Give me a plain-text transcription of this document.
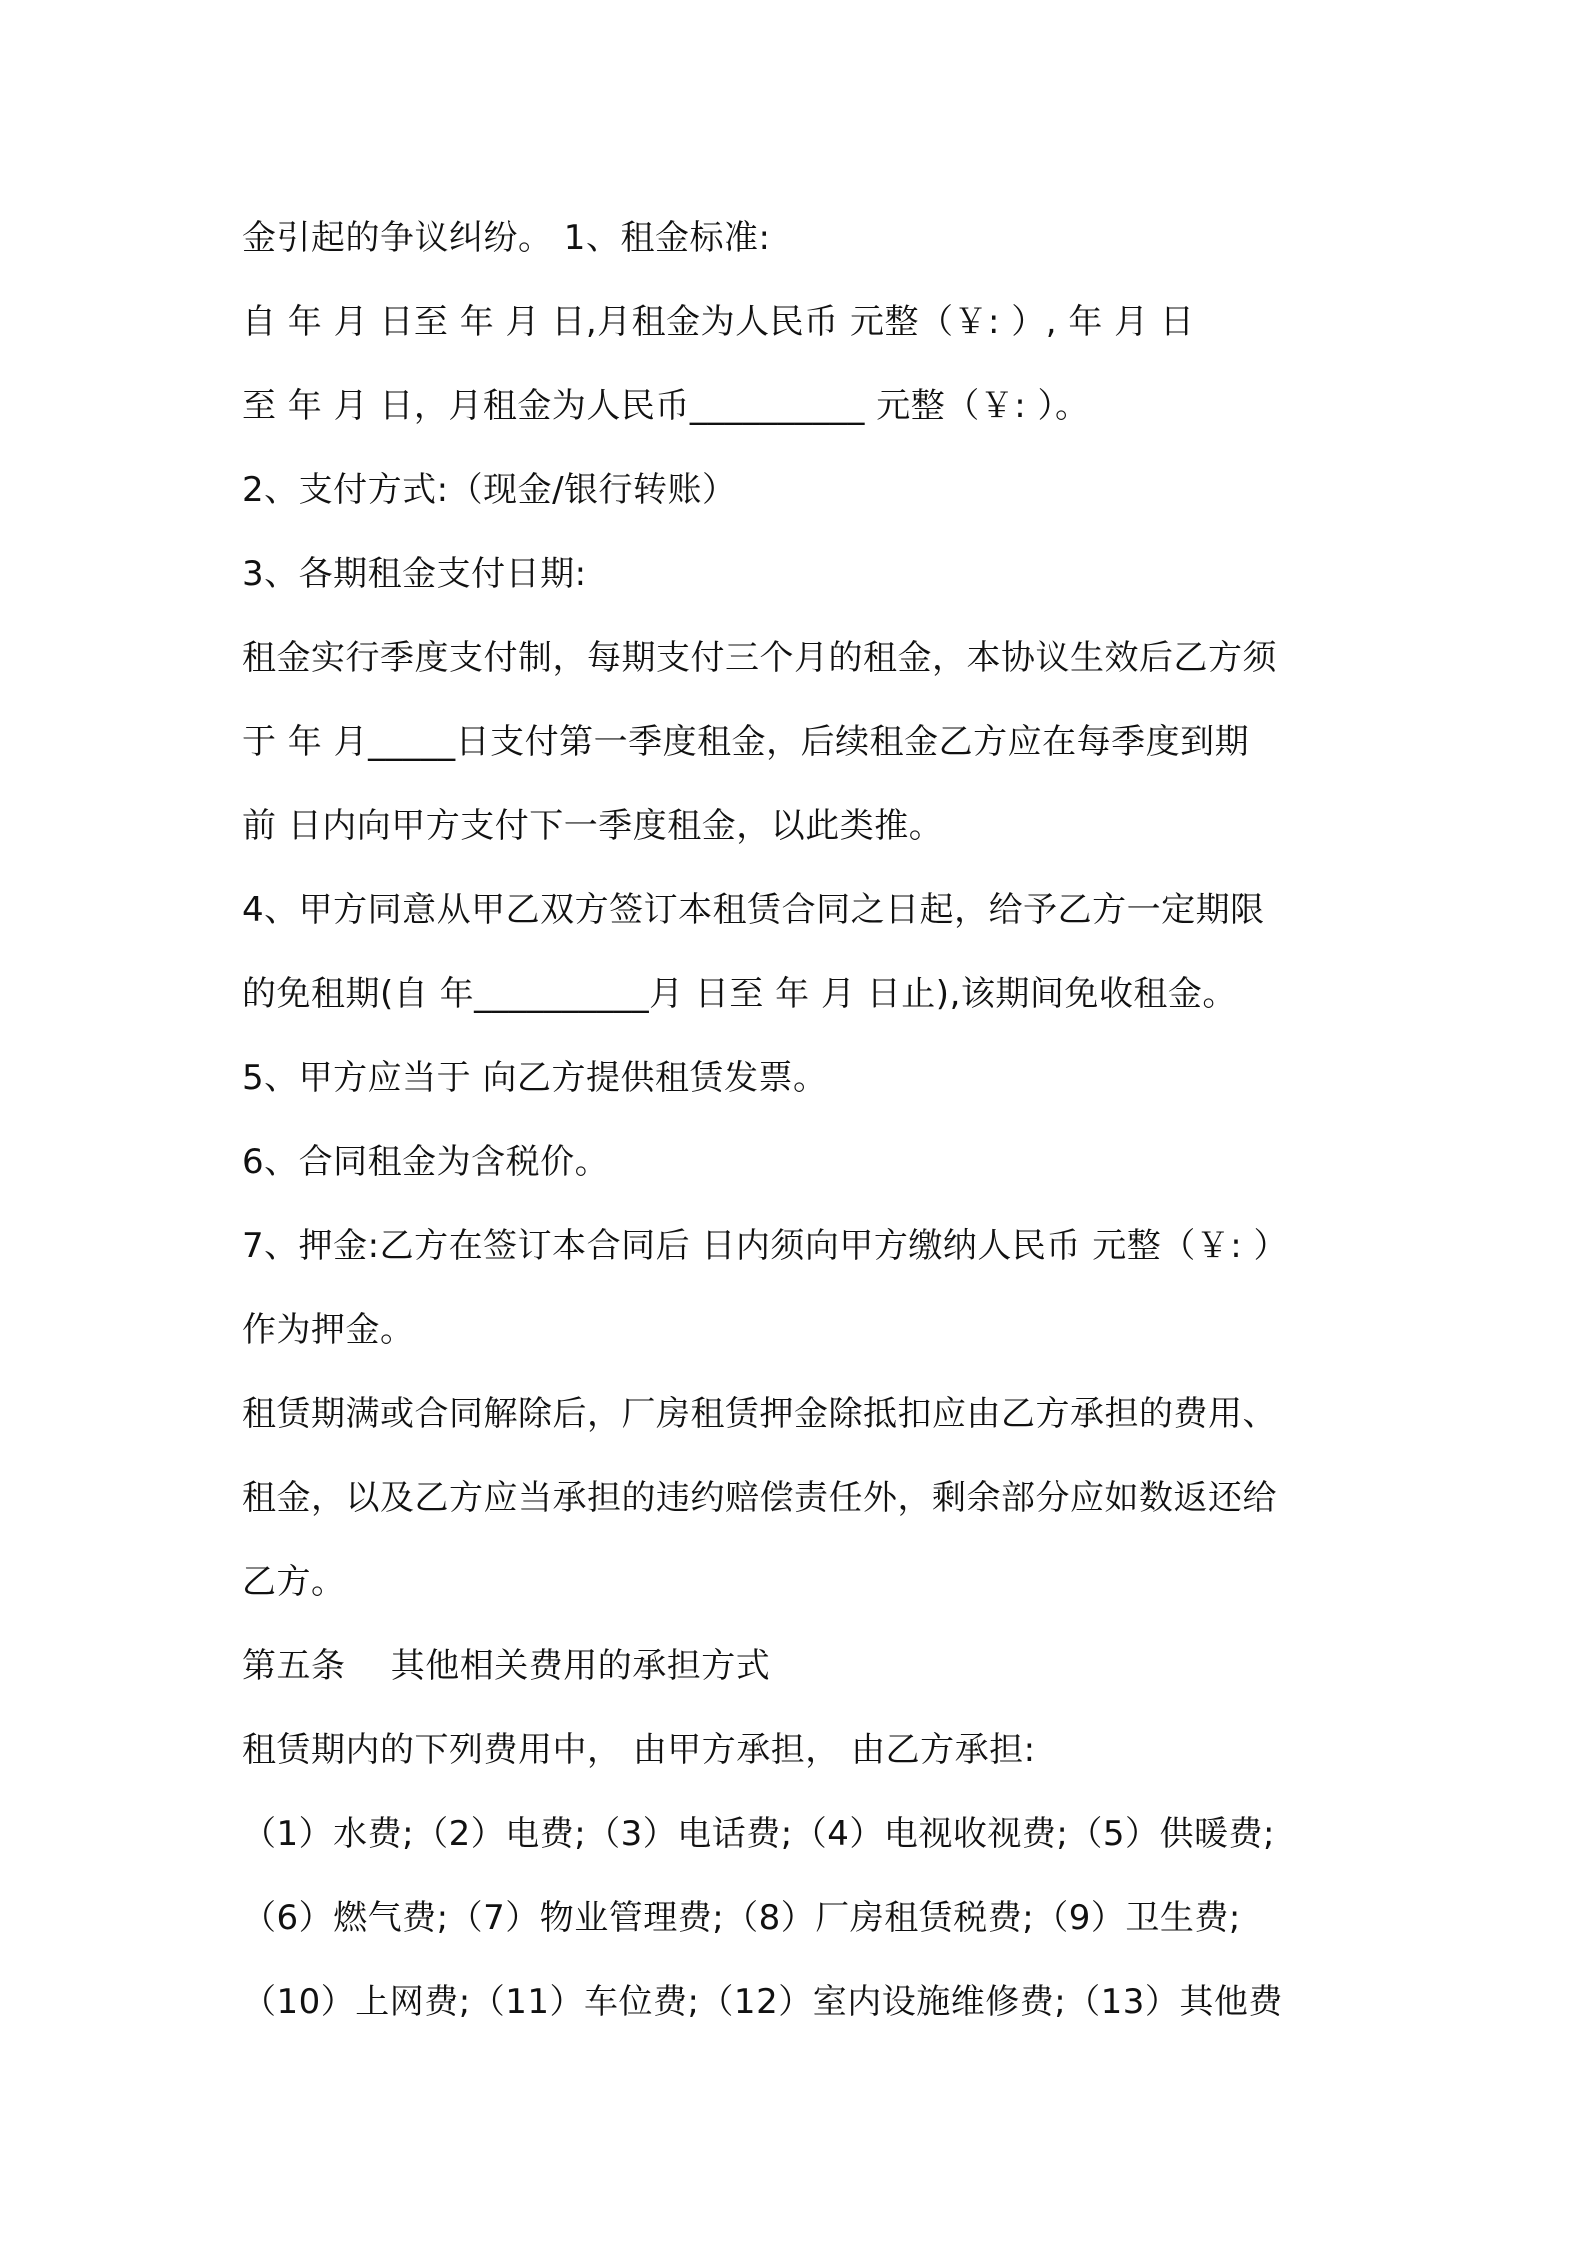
金引起的争议纠纷。 1、租金标准:
自 年 月 日至 年 月 日,月租金为人民币 元整（￥: ）, 年 月 日
至 年 月 日，月租金为人民币__________ 元整（￥: ）。
2、支付方式:（现金/银行转账）
3、各期租金支付日期:
租金实行季度支付制，每期支付三个月的租金，本协议生效后乙方须
于 年 月_____日支付第一季度租金，后续租金乙方应在每季度到期
前 日内向甲方支付下一季度租金，以此类推。
4、甲方同意从甲乙双方签订本租赁合同之日起，给予乙方一定期限
的免租期(自 年__________月 日至 年 月 日止),该期间免收租金。
5、甲方应当于 向乙方提供租赁发票。
6、合同租金为含税价。
7、押金:乙方在签订本合同后 日内须向甲方缴纳人民币 元整（￥: ）
作为押金。
租赁期满或合同解除后，厂房租赁押金除抵扣应由乙方承担的费用、
租金，以及乙方应当承担的违约赔偿责任外，剩余部分应如数返还给
乙方。
第五条    其他相关费用的承担方式
租赁期内的下列费用中， 由甲方承担， 由乙方承担:
（1）水费;（2）电费;（3）电话费;（4）电视收视费;（5）供暖费;
（6）燃气费;（7）物业管理费;（8）厂房租赁税费;（9）卫生费;
（10）上网费;（11）车位费;（12）室内设施维修费;（13）其他费
